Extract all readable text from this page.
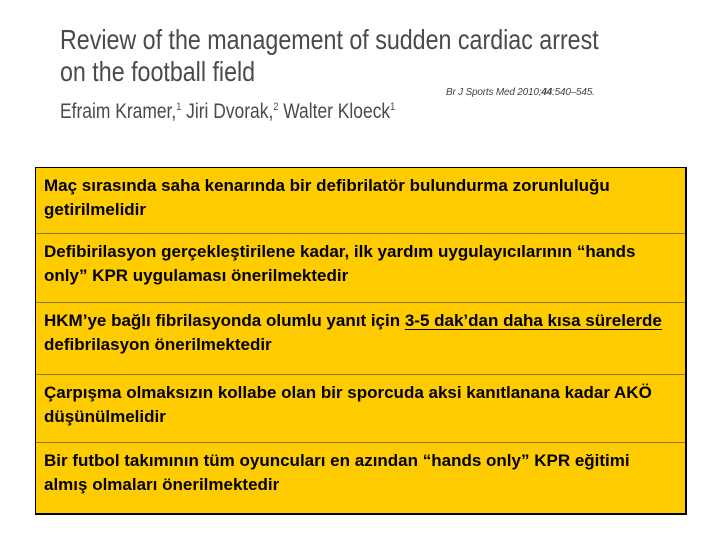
Review of the management of sudden cardiac arrest
on the football field
Br J Sports Med 2010;44:540–545.
Efraim Kramer,$^1$ Jiri Dvorak,$^2$ Walter Kloeck$^1$
Maç sırasında saha kenarında bir defibrilatör bulundurma zorunluluğu getirilmelidir
Defibirilasyon gerçekleştirilene kadar, ilk yardım uygulayıcılarının “hands only” KPR uygulaması önerilmektedir
HKM’ye bağlı fibrilasyonda olumlu yanıt için 3-5 dak’dan daha kısa sürelerde defibrilasyon önerilmektedir
Çarpışma olmaksızın kollabe olan bir sporcuda aksi kanıtlanana kadar AKÖ düşünülmelidir
Bir futbol takımının tüm oyuncuları en azından “hands only” KPR eğitimi almış olmaları önerilmektedir
